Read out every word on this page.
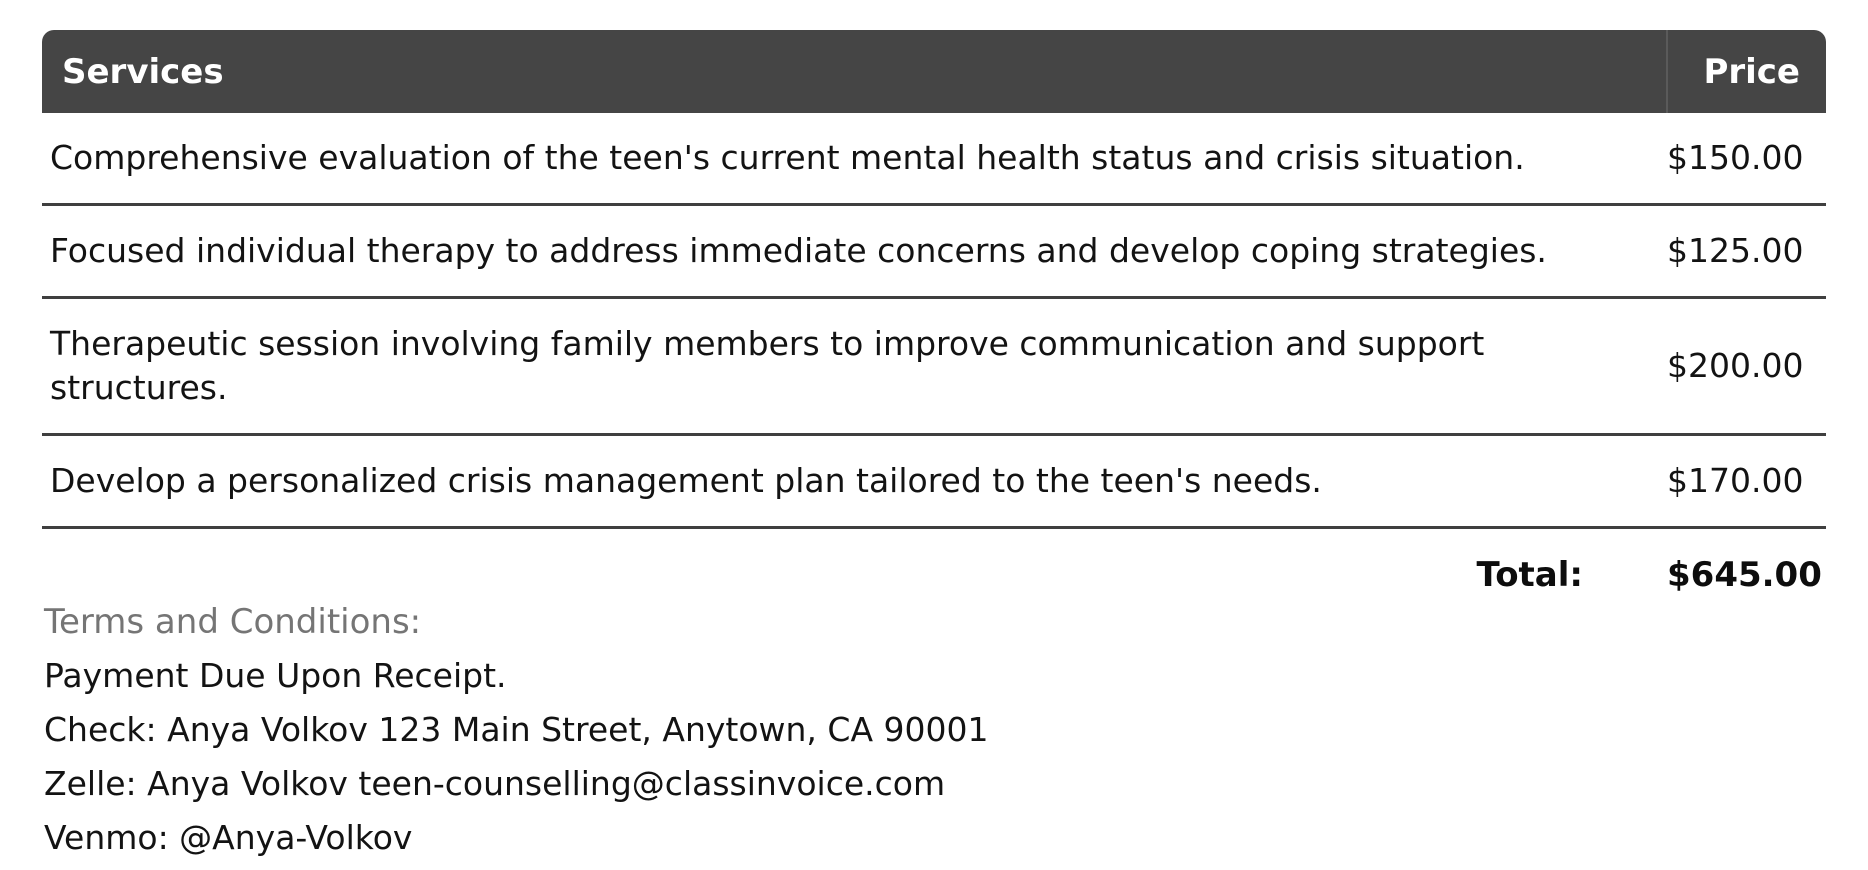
Services	Price
Comprehensive evaluation of the teen's current mental health status and crisis situation.	$150.00
Focused individual therapy to address immediate concerns and develop coping strategies.	$125.00
Therapeutic session involving family members to improve communication and support structures.	$200.00
Develop a personalized crisis management plan tailored to the teen's needs.	$170.00
Total:	$645.00
Terms and Conditions:
Payment Due Upon Receipt.
Check: Anya Volkov 123 Main Street, Anytown, CA 90001
Zelle: Anya Volkov teen-counselling@classinvoice.com
Venmo: @Anya-Volkov
